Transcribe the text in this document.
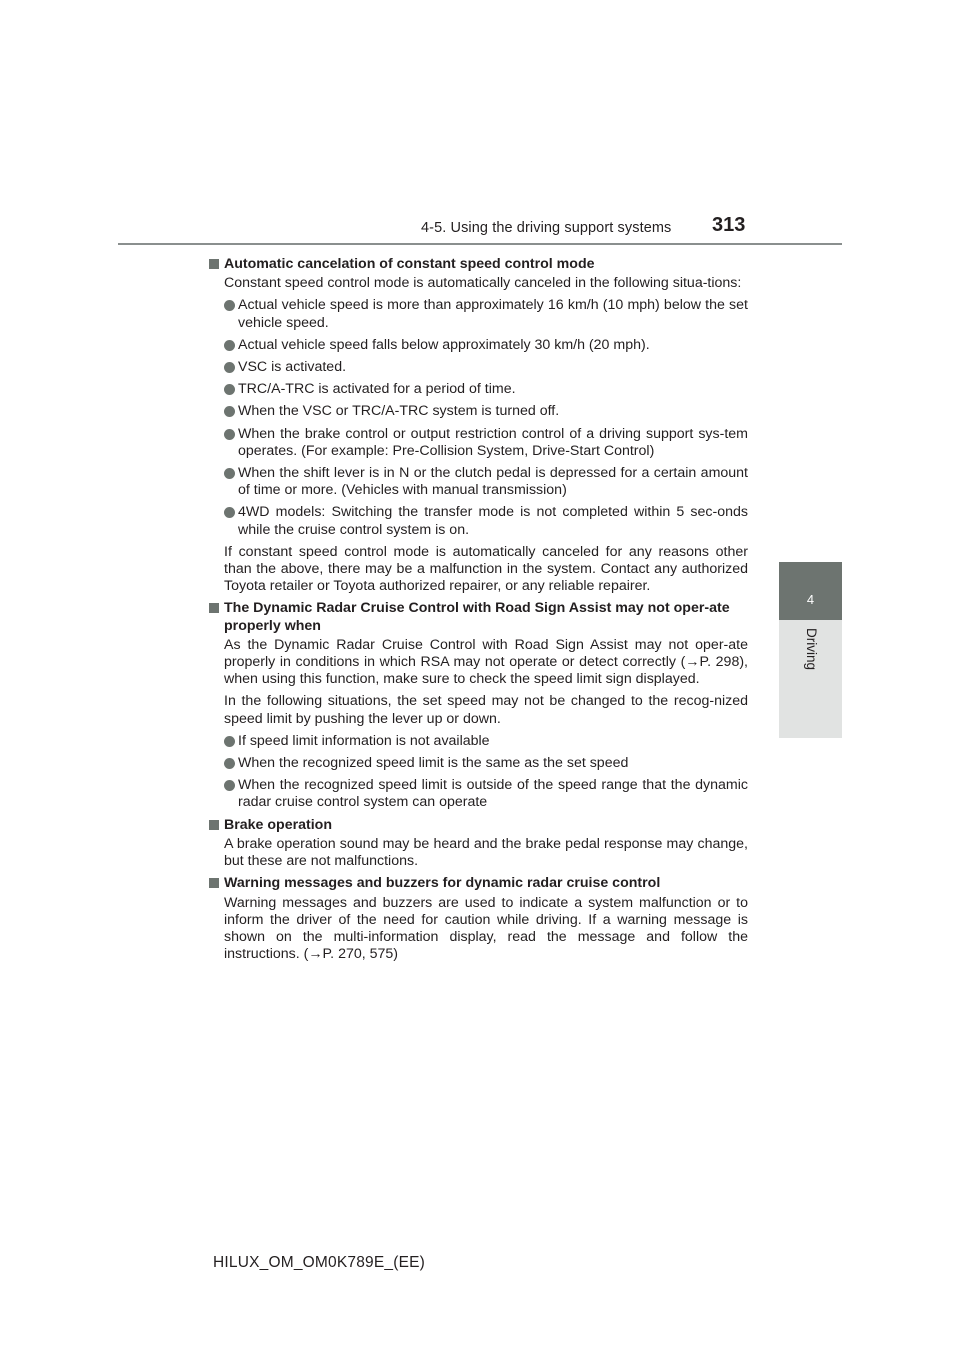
4-5. Using the driving support systems 313
4
Driving
Automatic cancelation of constant speed control mode
Constant speed control mode is automatically canceled in the following situa-tions:
Actual vehicle speed is more than approximately 16 km/h (10 mph) below the set vehicle speed.
Actual vehicle speed falls below approximately 30 km/h (20 mph).
VSC is activated.
TRC/A-TRC is activated for a period of time.
When the VSC or TRC/A-TRC system is turned off.
When the brake control or output restriction control of a driving support sys-tem operates. (For example: Pre-Collision System, Drive-Start Control)
When the shift lever is in N or the clutch pedal is depressed for a certain amount of time or more. (Vehicles with manual transmission)
4WD models: Switching the transfer mode is not completed within 5 sec-onds while the cruise control system is on.
If constant speed control mode is automatically canceled for any reasons other than the above, there may be a malfunction in the system. Contact any authorized Toyota retailer or Toyota authorized repairer, or any reliable repairer.
The Dynamic Radar Cruise Control with Road Sign Assist may not oper-ate properly when
As the Dynamic Radar Cruise Control with Road Sign Assist may not oper-ate properly in conditions in which RSA may not operate or detect correctly (→P. 298), when using this function, make sure to check the speed limit sign displayed.
In the following situations, the set speed may not be changed to the recog-nized speed limit by pushing the lever up or down.
If speed limit information is not available
When the recognized speed limit is the same as the set speed
When the recognized speed limit is outside of the speed range that the dynamic radar cruise control system can operate
Brake operation
A brake operation sound may be heard and the brake pedal response may change, but these are not malfunctions.
Warning messages and buzzers for dynamic radar cruise control
Warning messages and buzzers are used to indicate a system malfunction or to inform the driver of the need for caution while driving. If a warning message is shown on the multi-information display, read the message and follow the instructions. (→P. 270, 575)
HILUX_OM_OM0K789E_(EE)
